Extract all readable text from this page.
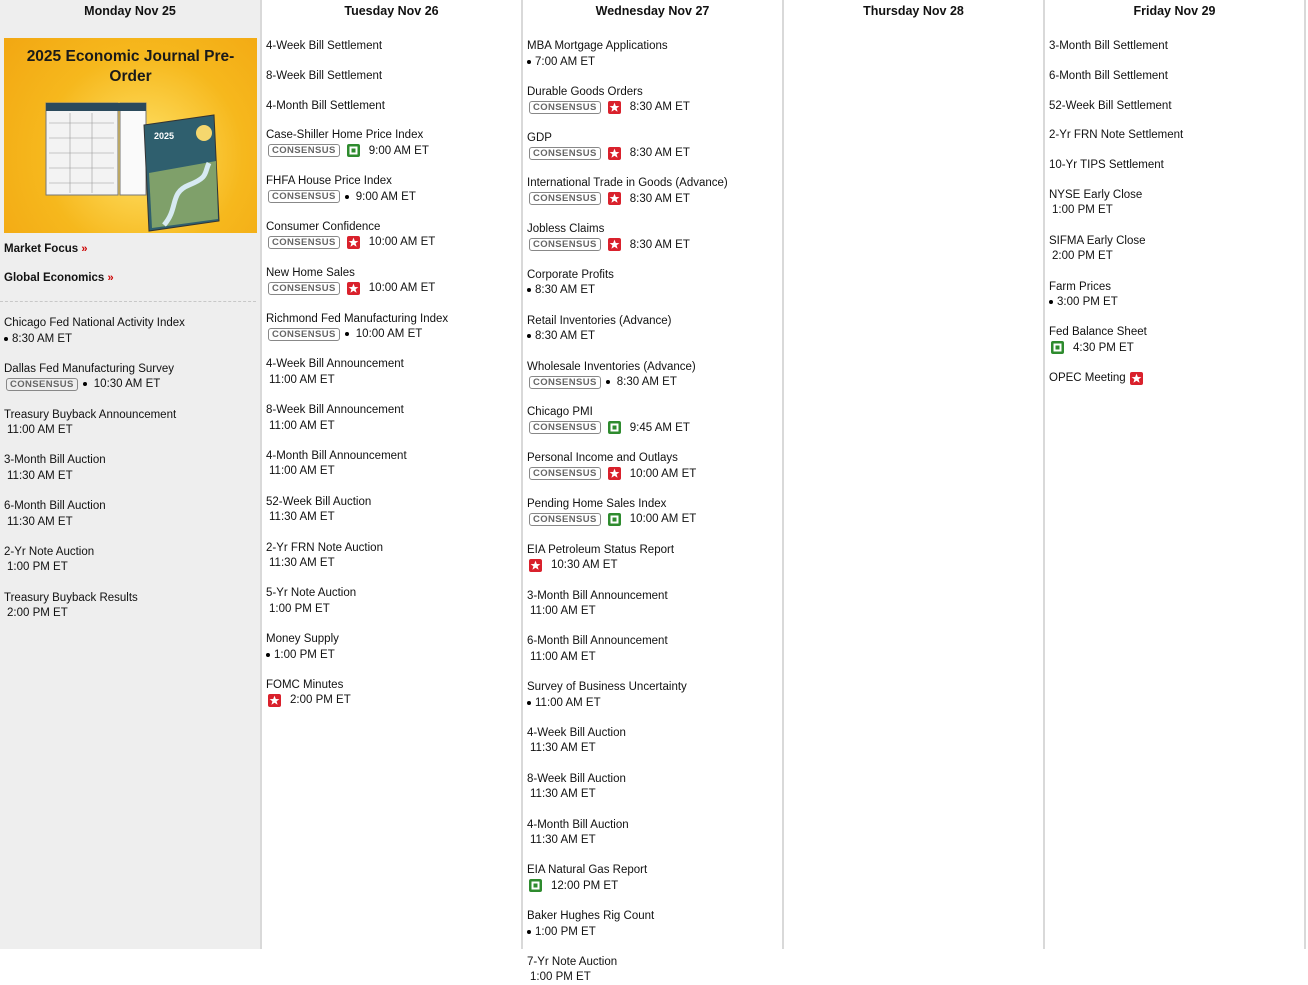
Monday Nov 25
2025 Economic Journal Pre-Order
2025
Market Focus »
Global Economics »
Chicago Fed National Activity Index
8:30 AM ET
Dallas Fed Manufacturing Survey
CONSENSUS	10:30 AM ET
Treasury Buyback Announcement
11:00 AM ET
3-Month Bill Auction
11:30 AM ET
6-Month Bill Auction
11:30 AM ET
2-Yr Note Auction
1:00 PM ET
Treasury Buyback Results
2:00 PM ET
Tuesday Nov 26
4-Week Bill Settlement
8-Week Bill Settlement
4-Month Bill Settlement
Case-Shiller Home Price Index
CONSENSUS	9:00 AM ET
FHFA House Price Index
CONSENSUS	9:00 AM ET
Consumer Confidence
CONSENSUS	10:00 AM ET
New Home Sales
CONSENSUS	10:00 AM ET
Richmond Fed Manufacturing Index
CONSENSUS	10:00 AM ET
4-Week Bill Announcement
11:00 AM ET
8-Week Bill Announcement
11:00 AM ET
4-Month Bill Announcement
11:00 AM ET
52-Week Bill Auction
11:30 AM ET
2-Yr FRN Note Auction
11:30 AM ET
5-Yr Note Auction
1:00 PM ET
Money Supply
1:00 PM ET
FOMC Minutes
2:00 PM ET
Wednesday Nov 27
MBA Mortgage Applications
7:00 AM ET
Durable Goods Orders
CONSENSUS	8:30 AM ET
GDP
CONSENSUS	8:30 AM ET
International Trade in Goods (Advance)
CONSENSUS	8:30 AM ET
Jobless Claims
CONSENSUS	8:30 AM ET
Corporate Profits
8:30 AM ET
Retail Inventories (Advance)
8:30 AM ET
Wholesale Inventories (Advance)
CONSENSUS	8:30 AM ET
Chicago PMI
CONSENSUS	9:45 AM ET
Personal Income and Outlays
CONSENSUS	10:00 AM ET
Pending Home Sales Index
CONSENSUS	10:00 AM ET
EIA Petroleum Status Report
10:30 AM ET
3-Month Bill Announcement
11:00 AM ET
6-Month Bill Announcement
11:00 AM ET
Survey of Business Uncertainty
11:00 AM ET
4-Week Bill Auction
11:30 AM ET
8-Week Bill Auction
11:30 AM ET
4-Month Bill Auction
11:30 AM ET
EIA Natural Gas Report
12:00 PM ET
Baker Hughes Rig Count
1:00 PM ET
7-Yr Note Auction
1:00 PM ET
Thursday Nov 28	Friday Nov 29
3-Month Bill Settlement
6-Month Bill Settlement
52-Week Bill Settlement
2-Yr FRN Note Settlement
10-Yr TIPS Settlement
NYSE Early Close
1:00 PM ET
SIFMA Early Close
2:00 PM ET
Farm Prices
3:00 PM ET
Fed Balance Sheet
4:30 PM ET
OPEC Meeting
